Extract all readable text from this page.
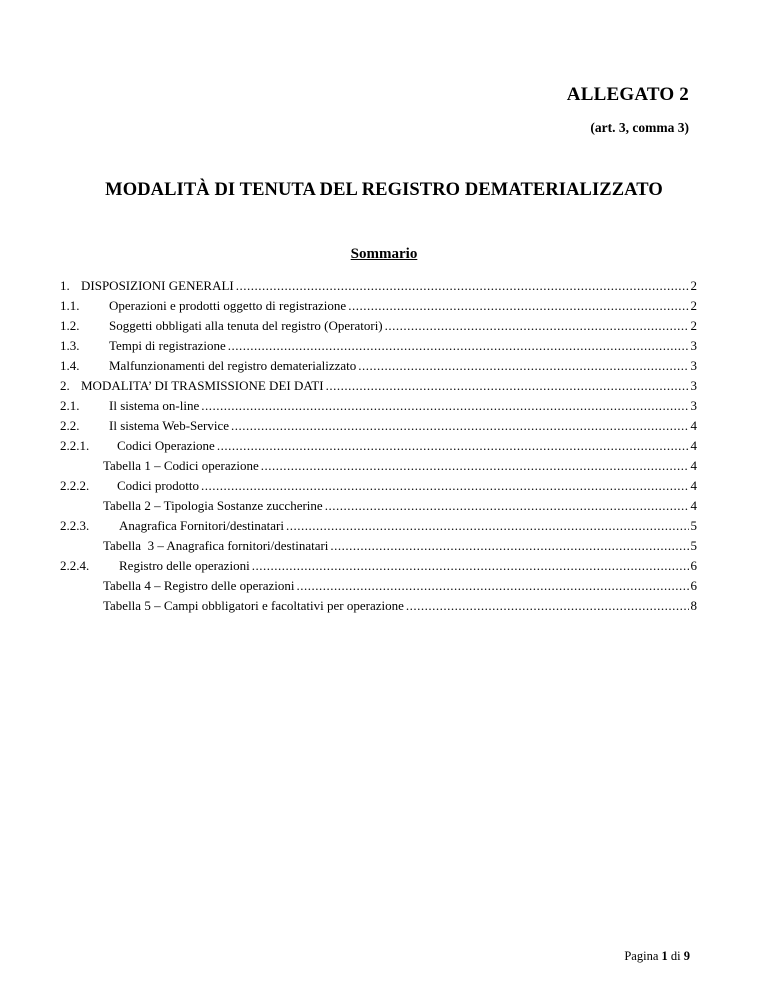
ALLEGATO 2
(art. 3, comma 3)
MODALITÀ DI TENUTA DEL REGISTRO DEMATERIALIZZATO
Sommario
1. DISPOSIZIONI GENERALI .....	2
1.1.	Operazioni e prodotti oggetto di registrazione .....	2
1.2.	Soggetti obbligati alla tenuta del registro (Operatori) .....	2
1.3.	Tempi di registrazione .....	3
1.4.	Malfunzionamenti del registro dematerializzato .....	3
2. MODALITA’ DI TRASMISSIONE DEI DATI .....	3
2.1.	Il sistema on-line .....	3
2.2.	Il sistema Web-Service .....	4
2.2.1.	Codici Operazione .....	4
Tabella 1 – Codici operazione .....	4
2.2.2.	Codici prodotto .....	4
Tabella 2 – Tipologia Sostanze zuccherine .....	4
2.2.3.	Anagrafica Fornitori/destinatari .....	5
Tabella  3 – Anagrafica fornitori/destinatari .....	5
2.2.4.	Registro delle operazioni .....	6
Tabella 4 – Registro delle operazioni .....	6
Tabella 5 – Campi obbligatori e facoltativi per operazione .....	8
Pagina 1 di 9
